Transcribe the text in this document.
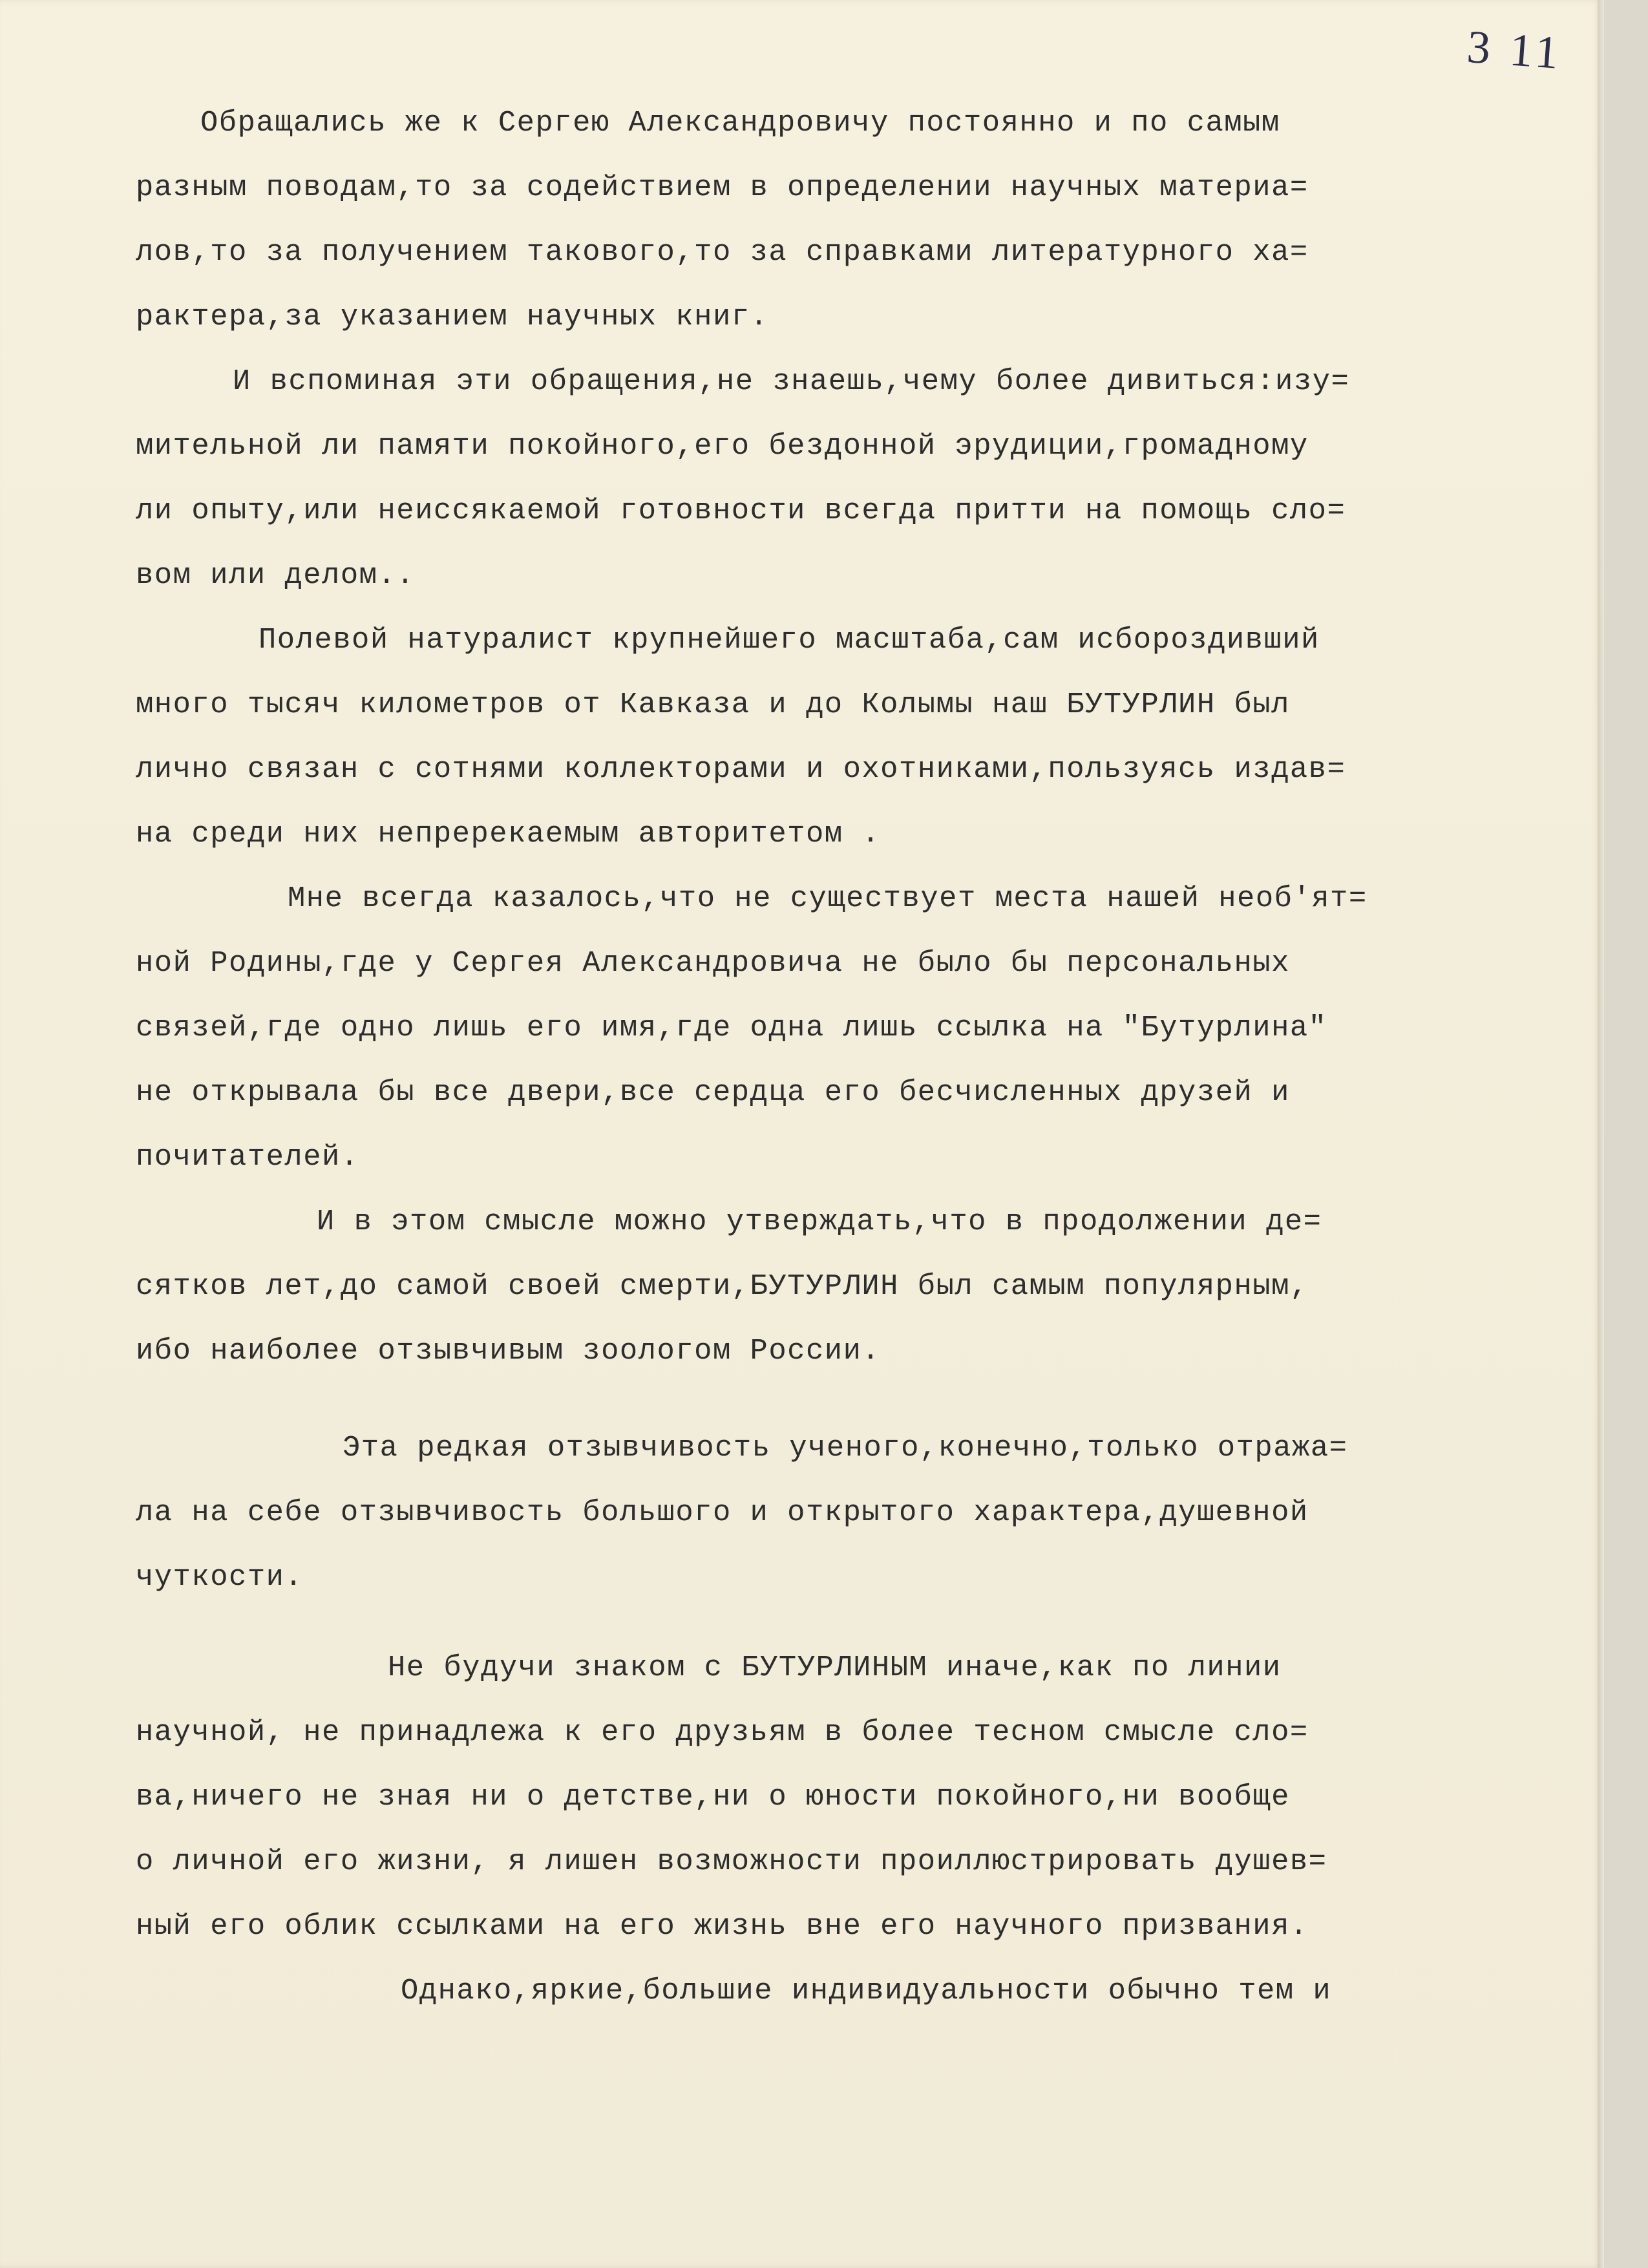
3 11
Обращались же к Сергею Александровичу постоянно и по самым
разным поводам,то за содействием в определении научных материа=
лов,то за получением такового,то за справками литературного ха=
рактера,за указанием научных книг.
И вспоминая эти обращения,не знаешь,чему более дивиться:изу=
мительной ли памяти покойного,его бездонной эрудиции,громадному
ли опыту,или неиссякаемой готовности всегда притти на помощь сло=
вом или делом..
Полевой натуралист крупнейшего масштаба,сам исбороздивший
много тысяч километров от Кавказа и до Колымы наш БУТУРЛИН был
лично связан с сотнями коллекторами и охотниками,пользуясь издав=
на среди них непререкаемым авторитетом .
Мне всегда казалось,что не существует места нашей необ'ят=
ной Родины,где у Сергея Александровича не было бы персональных
связей,где одно лишь его имя,где одна лишь ссылка на "Бутурлина"
не открывала бы все двери,все сердца его бесчисленных друзей и
почитателей.
И в этом смысле можно утверждать,что в продолжении де=
сятков лет,до самой своей смерти,БУТУРЛИН был самым популярным,
ибо наиболее отзывчивым зоологом России.
Эта редкая отзывчивость ученого,конечно,только отража=
ла на себе отзывчивость большого и открытого характера,душевной
чуткости.
Не будучи знаком с БУТУРЛИНЫМ иначе,как по линии
научной, не принадлежа к его друзьям в более тесном смысле сло=
ва,ничего не зная ни о детстве,ни о юности покойного,ни вообще
о личной его жизни, я лишен возможности проиллюстрировать душев=
ный его облик ссылками на его жизнь вне его научного призвания.
Однако,яркие,большие индивидуальности обычно тем и
